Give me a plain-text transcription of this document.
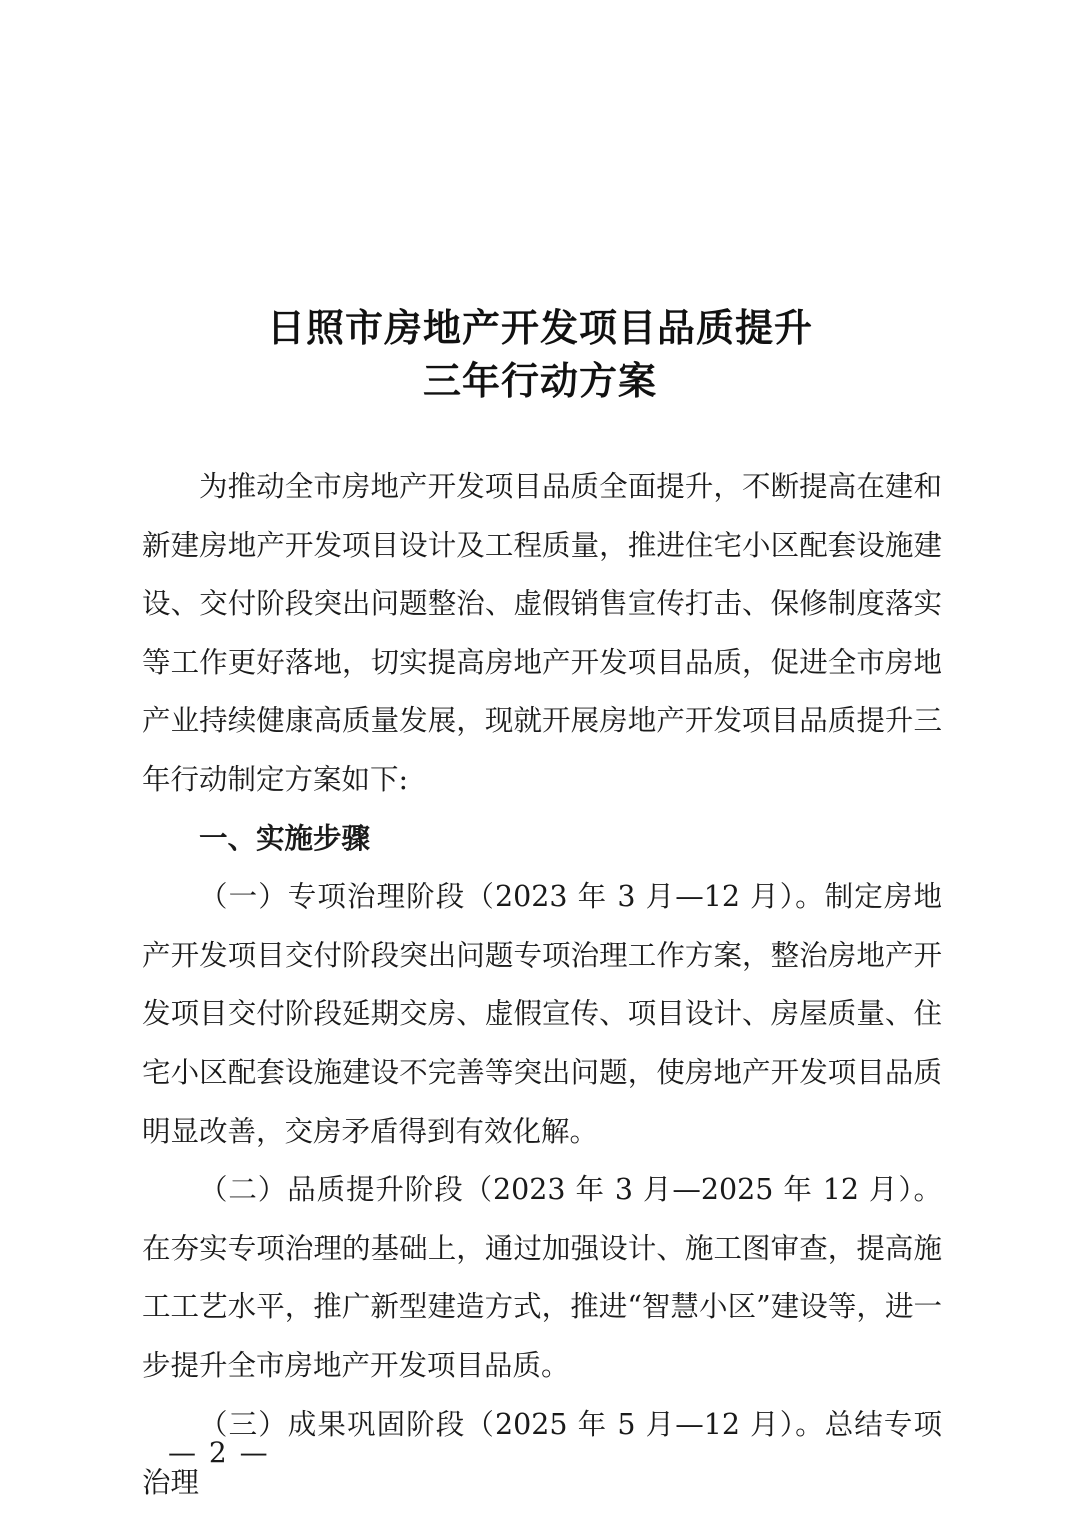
日照市房地产开发项目品质提升
三年行动方案

为推动全市房地产开发项目品质全面提升，不断提高在建和新建房地产开发项目设计及工程质量，推进住宅小区配套设施建设、交付阶段突出问题整治、虚假销售宣传打击、保修制度落实等工作更好落地，切实提高房地产开发项目品质，促进全市房地产业持续健康高质量发展，现就开展房地产开发项目品质提升三年行动制定方案如下:

一、实施步骤

（一）专项治理阶段（2023 年 3 月—12 月）。制定房地产开发项目交付阶段突出问题专项治理工作方案，整治房地产开发项目交付阶段延期交房、虚假宣传、项目设计、房屋质量、住宅小区配套设施建设不完善等突出问题，使房地产开发项目品质明显改善，交房矛盾得到有效化解。

（二）品质提升阶段（2023 年 3 月—2025 年 12 月）。在夯实专项治理的基础上，通过加强设计、施工图审查，提高施工工艺水平，推广新型建造方式，推进“智慧小区”建设等，进一步提升全市房地产开发项目品质。

（三）成果巩固阶段（2025 年 5 月—12 月）。总结专项治理

— 2 —
